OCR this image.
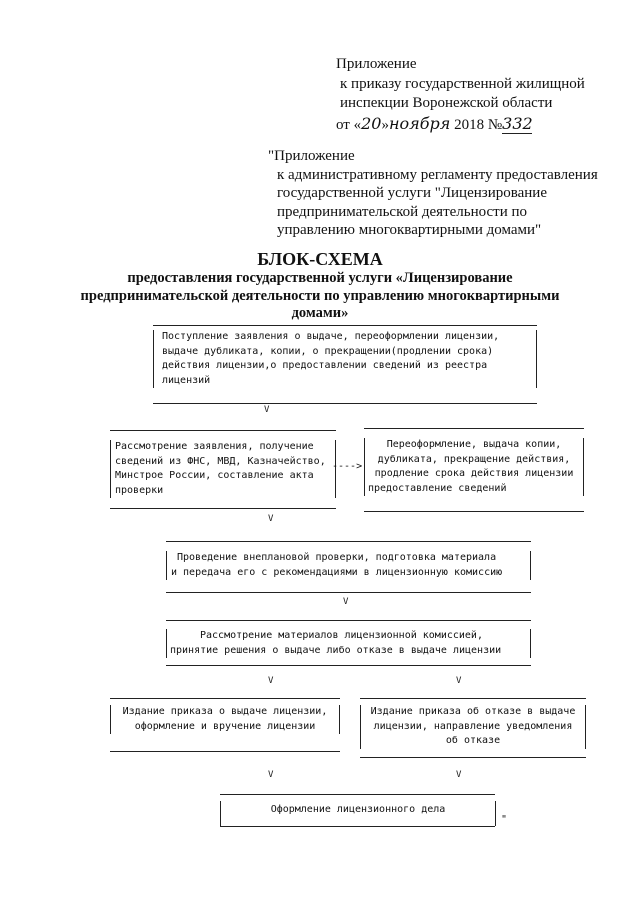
Приложение
к приказу государственной жилищной
инспекции Воронежской области
от «20»ноября 2018 №332
"Приложение
к административному регламенту предоставления
государственной услуги "Лицензирование
предпринимательской деятельности по
управлению многоквартирными домами"
БЛОК-СХЕМА
предоставления государственной услуги «Лицензирование
предпринимательской деятельности по управлению многоквартирными
домами»
Поступление заявления о выдаче, переоформлении лицензии,
выдаче дубликата, копии, о прекращении(продлении срока)
действия лицензии,о предоставлении сведений из реестра
лицензий
V
Рассмотрение заявления, получение
сведений из ФНС, МВД, Казначейство,
Минстрое России, составление акта
проверки
---->
V
Переоформление, выдача копии,
дубликата, прекращение действия,
продление срока действия лицензии
предоставление сведений
Проведение внеплановой проверки, подготовка материала
и передача его с рекомендациями в лицензионную комиссию
V
Рассмотрение материалов лицензионной комиссией,
принятие решения о выдаче либо отказе в выдаче лицензии
V	V
Издание приказа о выдаче лицензии,
оформление и вручение лицензии
V
Издание приказа об отказе в выдаче
лицензии, направление уведомления
об отказе
V
Оформление лицензионного дела
"
